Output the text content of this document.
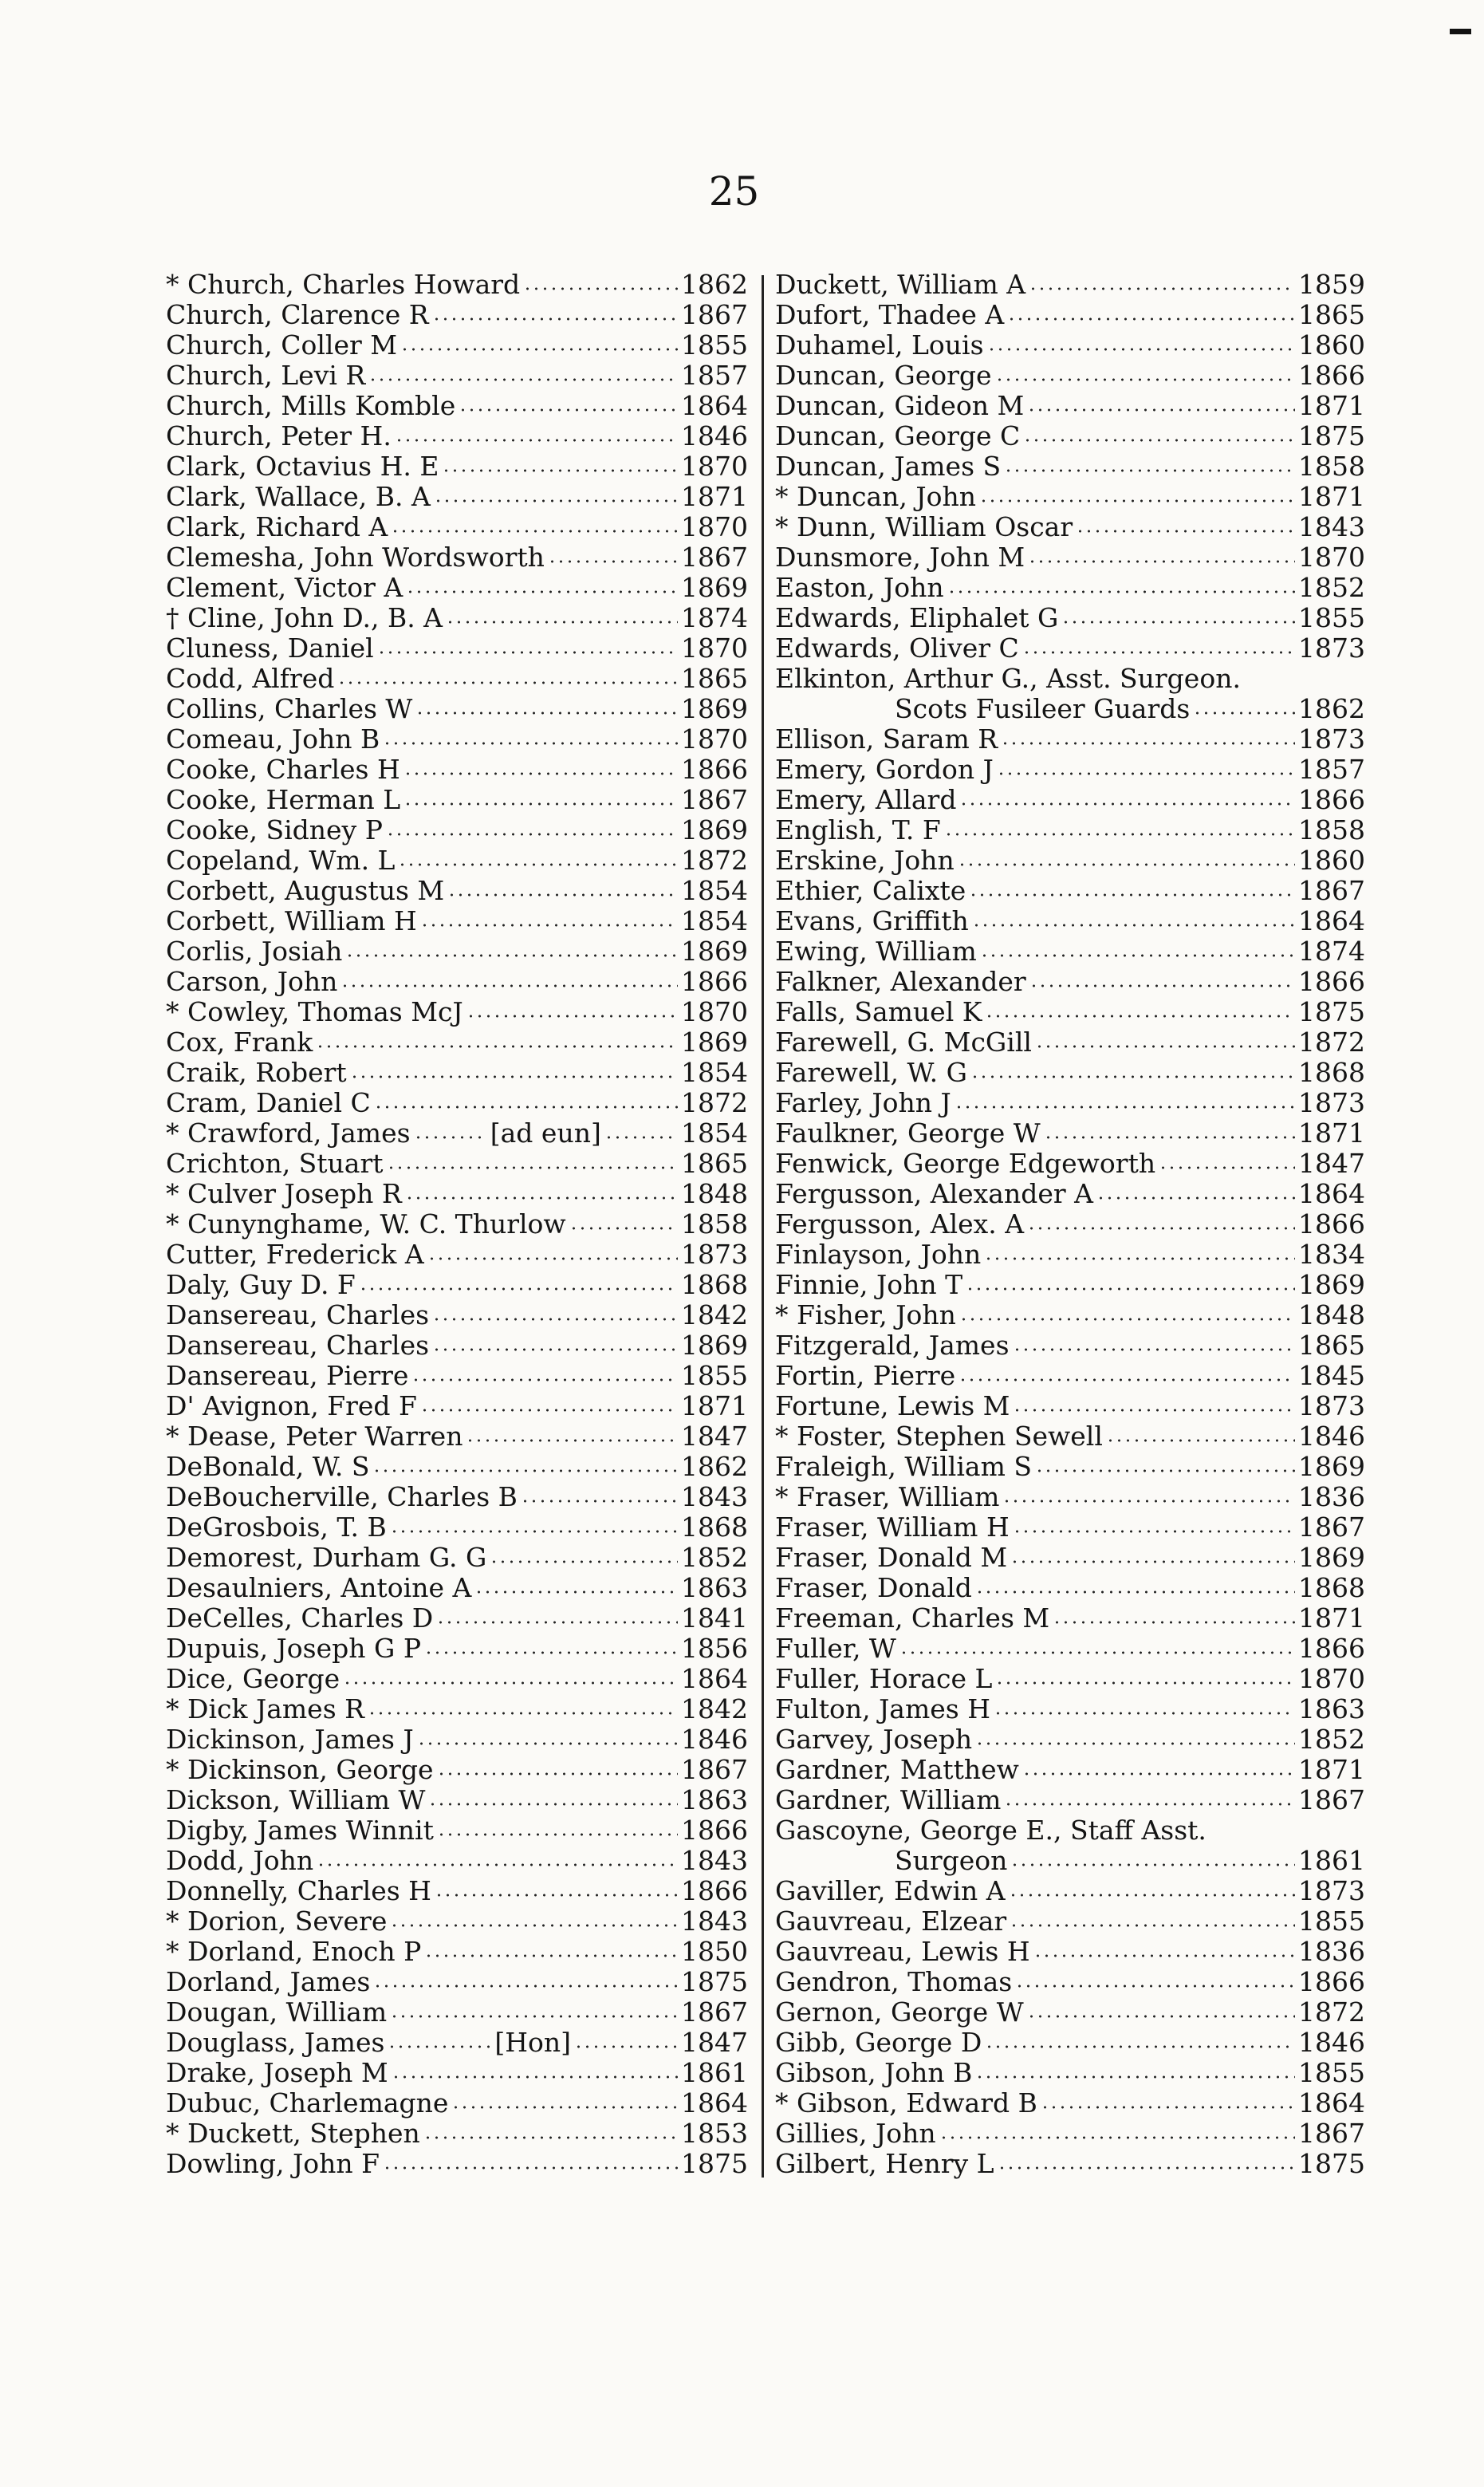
25
* Church, Charles Howard	1862
Church, Clarence R	1867
Church, Coller M	1855
Church, Levi R	1857
Church, Mills Komble	1864
Church, Peter H.	1846
Clark, Octavius H. E	1870
Clark, Wallace, B. A	1871
Clark, Richard A	1870
Clemesha, John Wordsworth	1867
Clement, Victor A	1869
† Cline, John D., B. A	1874
Cluness, Daniel	1870
Codd, Alfred	1865
Collins, Charles W	1869
Comeau, John B	1870
Cooke, Charles H	1866
Cooke, Herman L	1867
Cooke, Sidney P	1869
Copeland, Wm. L	1872
Corbett, Augustus M	1854
Corbett, William H	1854
Corlis, Josiah	1869
Carson, John	1866
* Cowley, Thomas McJ	1870
Cox, Frank	1869
Craik, Robert	1854
Cram, Daniel C	1872
* Crawford, James	[ad eun]	1854
Crichton, Stuart	1865
* Culver Joseph R	1848
* Cunynghame, W. C. Thurlow	1858
Cutter, Frederick A	1873
Daly, Guy D. F	1868
Dansereau, Charles	1842
Dansereau, Charles	1869
Dansereau, Pierre	1855
D' Avignon, Fred F	1871
* Dease, Peter Warren	1847
DeBonald, W. S	1862
DeBoucherville, Charles B	1843
DeGrosbois, T. B	1868
Demorest, Durham G. G	1852
Desaulniers, Antoine A	1863
DeCelles, Charles D	1841
Dupuis, Joseph G P	1856
Dice, George	1864
* Dick James R	1842
Dickinson, James J	1846
* Dickinson, George	1867
Dickson, William W	1863
Digby, James Winnit	1866
Dodd, John	1843
Donnelly, Charles H	1866
* Dorion, Severe	1843
* Dorland, Enoch P	1850
Dorland, James	1875
Dougan, William	1867
Douglass, James	[Hon]	1847
Drake, Joseph M	1861
Dubuc, Charlemagne	1864
* Duckett, Stephen	1853
Dowling, John F	1875
Duckett, William A	1859
Dufort, Thadee A	1865
Duhamel, Louis	1860
Duncan, George	1866
Duncan, Gideon M	1871
Duncan, George C	1875
Duncan, James S	1858
* Duncan, John	1871
* Dunn, William Oscar	1843
Dunsmore, John M	1870
Easton, John	1852
Edwards, Eliphalet G	1855
Edwards, Oliver C	1873
Elkinton, Arthur G., Asst. Surgeon.
Scots Fusileer Guards	1862
Ellison, Saram R	1873
Emery, Gordon J	1857
Emery, Allard	1866
English, T. F	1858
Erskine, John	1860
Ethier, Calixte	1867
Evans, Griffith	1864
Ewing, William	1874
Falkner, Alexander	1866
Falls, Samuel K	1875
Farewell, G. McGill	1872
Farewell, W. G	1868
Farley, John J	1873
Faulkner, George W	1871
Fenwick, George Edgeworth	1847
Fergusson, Alexander A	1864
Fergusson, Alex. A	1866
Finlayson, John	1834
Finnie, John T	1869
* Fisher, John	1848
Fitzgerald, James	1865
Fortin, Pierre	1845
Fortune, Lewis M	1873
* Foster, Stephen Sewell	1846
Fraleigh, William S	1869
* Fraser, William	1836
Fraser, William H	1867
Fraser, Donald M	1869
Fraser, Donald	1868
Freeman, Charles M	1871
Fuller, W	1866
Fuller, Horace L	1870
Fulton, James H	1863
Garvey, Joseph	1852
Gardner, Matthew	1871
Gardner, William	1867
Gascoyne, George E., Staff Asst.
Surgeon	1861
Gaviller, Edwin A	1873
Gauvreau, Elzear	1855
Gauvreau, Lewis H	1836
Gendron, Thomas	1866
Gernon, George W	1872
Gibb, George D	1846
Gibson, John B	1855
* Gibson, Edward B	1864
Gillies, John	1867
Gilbert, Henry L	1875
